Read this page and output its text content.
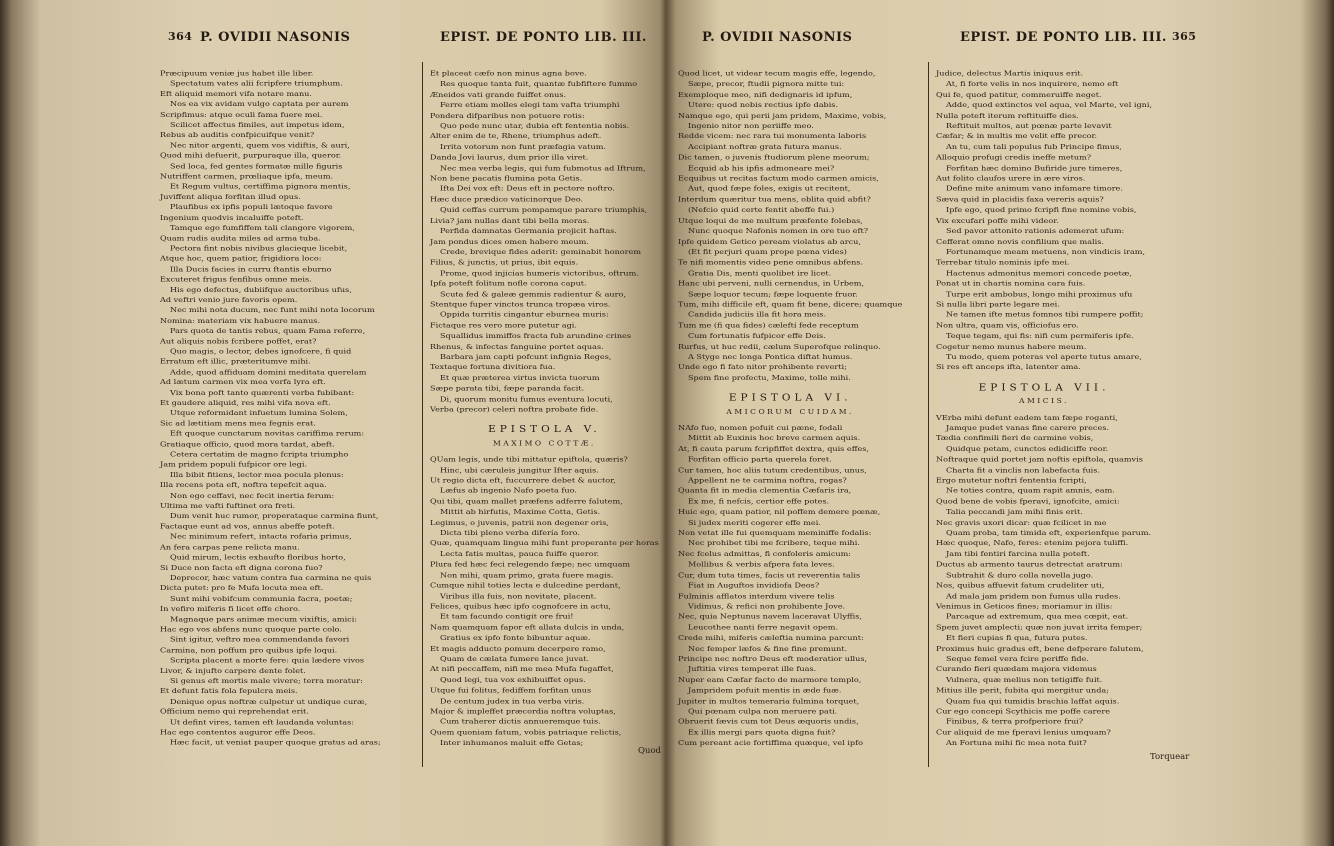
364 P. OVIDII NASONIS	EPIST. DE PONTO LIB. III.

Præcipuum veniæ jus habet ille liber.

Spectatum vates alii fcripfere triumphum.

Eft aliquid memori vifa notare manu.

Nos ea vix avidam vulgo captata per aurem

Scripfimus: atque oculi fama fuere mei.

Scilicet affectus fimiles, aut impetus idem,

Rebus ab auditis confpicuifque venit?

Nec nitor argenti, quem vos vidiftis, & auri,

Quod mihi defuerit, purpuraque illa, queror.

Sed loca, fed gentes formatæ mille figuris

Nutriffent carmen, prœliaque ipfa, meum.

Et Regum vultus, certiffima pignora mentis,

Juviffent aliqua forfitan illud opus.

Plaufibus ex ipfis populi lætoque favore

Ingenium quodvis incaluiffe poteft.

Tamque ego fumfiffem tali clangore vigorem,

Quam rudis audita miles ad arma tuba.

Pectora fint nobis nivibus glacieque licebit,

Atque hoc, quem patior, frigidiora loco:

Illa Ducis facies in curru ftantis eburno

Excuteret frigus fenfibus omne meis.

His ego defectus, dubiifque auctoribus ufus,

Ad veftri venio jure favoris opem.

Nec mihi nota ducum, nec funt mihi nota locorum

Nomina: materiam vix habuere manus.

Pars quota de tantis rebus, quam Fama referre,

Aut aliquis nobis fcribere poffet, erat?

Quo magis, o lector, debes ignofcere, fi quid

Erratum eft illic, prætеritumve mihi.

Adde, quod affiduam domini meditata querelam

Ad lætum carmen vix mea verfa lyra eft.

Vix bona poft tanto quærenti verba fubibant:

Et gaudere aliquid, res mihi vifa nova eft.

Utque reformidant infuetum lumina Solem,

Sic ad lætitiam mens mea fegnis erat.

Eft quoque cunctarum novitas cariffima rerum:

Gratiaque officio, quod mora tardat, abeft.

Cetera certatim de magno fcripta triumpho

Jam pridem populi fufpicor ore legi.

Illa bibit fitiens, lector mea pocula plenus:

Illa recens pota eft, noftra tepefcit aqua.

Non ego ceffavi, nec fecit inertia ferum:

Ultima me vafti fuftinet ora freti.

Dum venit huc rumor, properataque carmina fiunt,

Factaque eunt ad vos, annus abeffe poteft.

Nec minimum refert, intacta rofaria primus,

An fera carpas pene relicta manu.

Quid mirum, lectis exhaufto floribus horto,

Si Duce non facta eft digna corona fuo?

Deprecor, hæc vatum contra fua carmina ne quis

Dicta putet: pro fe Mufa locuta mea eft.

Sunt mihi vobifcum communia facra, poetæ;

In vefiro miferis fi licet effe choro.

Magnaque pars animæ mecum vixiftis, amici:

Hac ego vos abfens nunc quoque parte colo.

Sint igitur, veftro mea commendanda favori

Carmina, non poffum pro quibus ipfe loqui.

Scripta placent a morte fere: quia lædere vivos

Livor, & injufto carpere dente folet.

Si genus eft mortis male vivere; terra moratur:

Et defunt fatis fola fepulcra meis.

Denique opus noftræ culpetur ut undique curæ,

Officium nemo qui reprehendat erit.

Ut defint vires, tamen eft laudanda voluntas:

Hac ego contentos auguror effe Deos.

Hæc facit, ut veniat pauper quoque gratus ad aras;

Et placeat cæfo non minus agna bove.

Res quoque tanta fuit, quantæ fubfiftere fummo

Æneidos vati grande fuiffet onus.

Ferre etiam molles elegi tam vafta triumphi

Pondera difparibus non potuere rotis:

Quo pede nunc utar, dubia eft fententia nobis.

Alter enim de te, Rhene, triumphus adeft.

Irrita votorum non funt præfagia vatum.

Danda Jovi laurus, dum prior illa viret.

Nec mea verba legis, qui fum fubmotus ad Iftrum,

Non bene pacatis flumina pota Getis.

Ifta Dei vox eft: Deus eft in pectore noftro.

Hæc duce prædico vaticinorque Deo.

Quid ceffas currum pompamque parare triumphis,

Livia? jam nullas dant tibi bella moras.

Perfida damnatas Germania projicit haftas.

Jam pondus dices omen habere meum.

Crede, brevique fides aderit: geminabit honorem

Filius, & junctis, ut prius, ibit equis.

Prome, quod injicias humeris victoribus, oftrum.

Ipfa poteft folitum nofle corona caput.

Scuta fed & galeæ gemmis radientur & auro,

Stentque fuper vinctos trunca tropæa viros.

Oppida turritis cingantur eburnea muris:

Fictaque res vero more putetur agi.

Squallidus immiffos fracta fub arundine crines

Rhenus, & infectas fanguine portet aquas.

Barbara jam capti pofcunt infignia Reges,

Textaque fortuna divitiora fua.

Et quæ præterea virtus invicta tuorum

Sæpe parata tibi, fæpe paranda facit.

Di, quorum monitu fumus eventura locuti,

Verba (precor) celeri noftra probate fide.

EPISTOLA V.
MAXIMO COTTÆ.

QUam legis, unde tibi mittatur epiftola, quæris?

Hinc, ubi cæruleis jungitur Ifter aquis.

Ut regio dicta eft, fuccurrere debet & auctor,

Læfus ab ingenio Nafo poeta fuo.

Qui tibi, quam mallet præfens adferre falutem,

Mittit ab hirfutis, Maxime Cotta, Getis.

Legimus, o juvenis, patrii non degener oris,

Dicta tibi pleno verba difería foro.

Quæ, quamquam lingua mihi funt properante per horas

Lecta fatis multas, pauca fuiffe queror.

Plura fed hæc feci relegendo fæpe; nec umquam

Non mihi, quam primo, grata fuere magis.

Cumque nihil toties lecta e dulcedine perdant,

Viribus illa fuis, non novitate, placent.

Felices, quibus hæc ipfo cognofcere in actu,

Et tam facundo contigit ore frui!

Nam quamquam fapor eft allata dulcis in unda,

Gratius ex ipfo fonte bibuntur aquæ.

Et magis adducto pomum decerpere ramo,

Quam de cælata fumere lance juvat.

At nifi peccaffem, nifi me mea Mufa fugaffet,

Quod legi, tua vox exhibuiffet opus.

Utque fui folitus, fediffem forfitan unus

De centum judex in tua verba viris.

Major & impleffet præcordia noftra voluptas,

Cum traherer dictis annueremque tuis.

Quem quoniam fatum, vobis patriaque relictis,

Inter inhumanos maluit effe Getas;

Quod
P. OVIDII NASONIS	EPIST. DE PONTO LIB. III. 365

Quod licet, ut videar tecum magis effe, legendo,

Sæpe, precor, ftudii pignora mitte tui:

Exemploque meo, nifi dedignaris id ipfum,

Utere: quod nobis rectius ipfe dabis.

Namque ego, qui perii jam pridem, Maxime, vobis,

Ingenio nitor non periiffe meo.

Redde vicem: nec rara tui monumenta laboris

Accipiant noftræ grata futura manus.

Dic tamen, o juvenis ftudiorum plene meorum;

Ecquid ab his ipfis admoneare mei?

Ecquibus ut recitas factum modo carmen amicis,

Aut, quod fæpe foles, exigis ut recitent,

Interdum quæritur tua mens, oblita quid abfit?

(Nefcio quid certe fentit abeffe fui.)

Utque loqui de me multum præfente folebas,

Nunc quoque Nafonis nomen in ore tuo eft?

Ipfe quidem Getico peream violatus ab arcu,

(Et fit perjuri quam prope pœna vides)

Te nifi momentis video pene omnibus abfens.

Gratia Dis, menti quolibet ire licet.

Hanc ubi perveni, nulli cernendus, in Urbem,

Sæpe loquor tecum; fæpe loquente fruor.

Tum, mihi difficile eft, quam fit bene, dicere; quamque

Candida judiciis illa fit hora meis.

Tum me (fi qua fides) cæleftí fede receptum

Cum fortunatis fufpicor effe Deis.

Rurfus, ut huc redii, cælum Superofque relinquo.

A Styge nec longa Pontica diftat humus.

Unde ego fi fato nitor prohibente reverti;

Spem fine profectu, Maxime, tolle mihi.

EPISTOLA VI.
AMICORUM CUIDAM.

NAfo fuo, nomen pofuit cui pæne, fodali

Mittit ab Euxinis hoc breve carmen aquis.

At, fi cauta parum fcripfiffet dextra, quis effes,

Forfitan officio parta querela foret.

Cur tamen, hoc aliis tutum credentibus, unus,

Appellent ne te carmina noftra, rogas?

Quanta fit in media clementia Cæfaris ira,

Ex me, fi nefcis, certior effe potes.

Huic ego, quam patior, nil poffem demere pœnæ,

Si judex meriti cogerer effe mei.

Non vetat ille fui quemquam meminiffe fodalis:

Nec prohibet tibi me fcribere, teque mihi.

Nec fcelus admittas, fi confoleris amicum:

Mollibus & verbis afpera fata leves.

Cur, dum tuta times, facis ut reverentia talis

Fiat in Auguftos invidiofa Deos?

Fulminis afflatos interdum vivere telis

Vidimus, & refici non prohibente Jove.

Nec, quia Neptunus navem laceravat Ulyffis,

Leucothee nanti ferre negavit opem.

Crede mihi, miferis cæleftia numina parcunt:

Nec femper læfos & fine fine premunt.

Principe nec noftro Deus eft moderatior ullus,

Juftitia vires temperat ille fuas.

Nuper eam Cæfar facto de marmore templo,

Jampridem pofuit mentis in æde fuæ.

Jupiter in multos temeraria fulmina torquet,

Qui pœnam culpa non meruere pati.

Obruerit fævis cum tot Deus æquoris undis,

Ex illis mergi pars quota digna fuit?

Cum pereant acie fortiffima quæque, vel ipfo

Judice, delectus Martis iniquus erit.

At, fi forte velis in nos inquirere, nemo eft

Qui fe, quod patitur, commeruiffe neget.

Adde, quod extinctos vel aqua, vel Marte, vel igni,

Nulla poteft iterum reftituiffe dies.

Reftituit multos, aut pœnæ parte levavit

Cæfar; & in multis me velit effe precor.

An tu, cum tali populus fub Principe fimus,

Alloquio profugi credis ineffe metum?

Forfitan hæc domino Bufiride jure timeres,

Aut folito claufos urere in ære viros.

Define mite animum vano infamare timore.

Sæva quid in placidis faxa vereris aquis?

Ipfe ego, quod primo fcripfi fine nomine vobis,

Vix excufari poffe mihi videor.

Sed pavor attonito rationis ademerat ufum:

Cefferat omne novis confilium que malis.

Fortunamque meam metuens, non vindicis iram,

Terrebar titulo nominis ipfe mei.

Hactenus admonitus memori concede poetæ,

Ponat ut in chartis nomina cara fuis.

Turpe erit ambobus, longo mihi proximus ufu

Si nulla libri parte legare mei.

Ne tamen ifte metus fomnos tibi rumpere poffit;

Non ultra, quam vis, officiofus ero.

Teque tegam, qui fis: nifi cum permiferis ipfe.

Cogetur nemo munus habere meum.

Tu modo, quem poteras vel aperte tutus amare,

Si res eft anceps ifta, latenter ama.

EPISTOLA VII.
AMICIS.

VErba mihi defunt eadem tam fæpe roganti,

Jamque pudet vanas fine carere preces.

Tædia confimili fieri de carmine vobis,

Quidque petam, cunctos edidiciffe reor.

Noftraque quid portet jam noftis epiftola, quamvis

Charta fit a vinclis non labefacta fuis.

Ergo mutetur noftri fententia fcripti,

Ne toties contra, quam rapit amnis, eam.

Quod bene de vobis fperavi, ignofcite, amici:

Talia peccandi jam mihi finis erit.

Nec gravis uxori dicar: quæ fcilicet in me

Quam proba, tam timida eft, experienfque parum.

Hæc quoque, Nafo, feres: etenim pejora tuliffi.

Jam tibi fentiri farcina nulla poteft.

Ductus ab armento taurus detrectat aratrum:

Subtrahit & duro colla novella jugo.

Nos, quibus affuevit fatum crudeliter uti,

Ad mala jam pridem non fumus ulla rudes.

Venimus in Geticos fines; moriamur in illis:

Parcaque ad extremum, qua mea cœpit, eat.

Spem juvet amplecti; quæ non juvat irrita femper;

Et fieri cupias fi qua, futura putes.

Proximus huic gradus eft, bene defperare falutem,

Seque femel vera fcire periffe fide.

Curando fieri quædam majora videmus

Vulnera, quæ melius non tetigiffe fuit.

Mitius ille perit, fubita qui mergitur unda;

Quam fua qui tumidis brachia laffat aquis.

Cur ego concepi Scythicis me poffe carere

Finibus, & terra profperiore frui?

Cur aliquid de me fperavi lenius umquam?

An Fortuna mihi fic mea nota fuit?

Torquear
